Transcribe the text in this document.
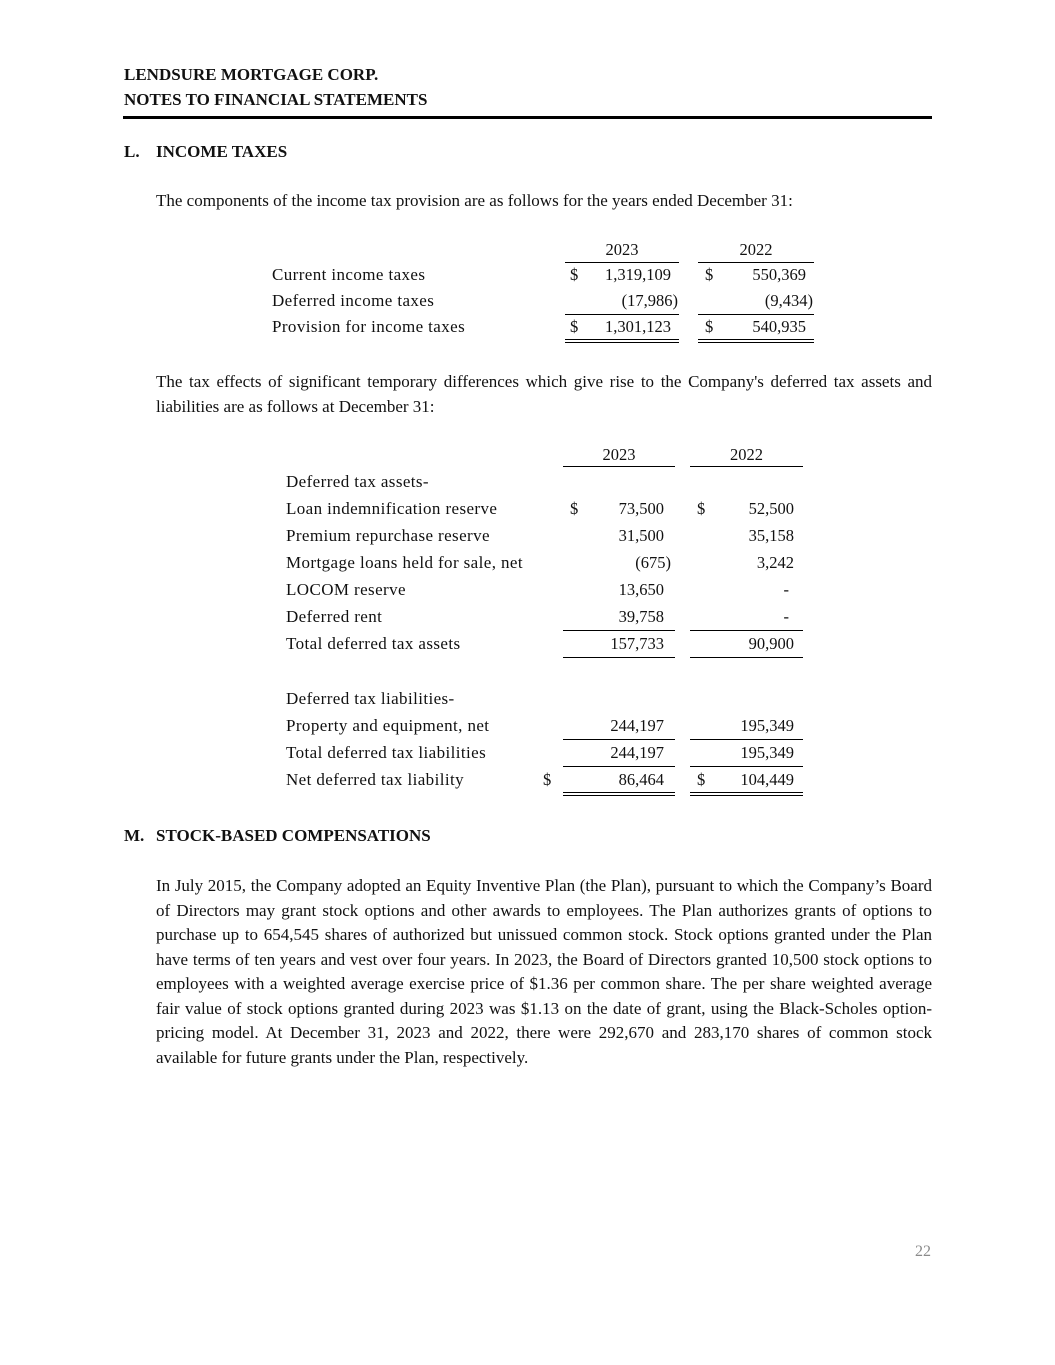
LENDSURE MORTGAGE CORP.
NOTES TO FINANCIAL STATEMENTS
L. INCOME TAXES
The components of the income tax provision are as follows for the years ended December 31:
2023	2022
Current income taxes	$	1,319,109 $	550,369
Deferred income taxes	(17,986)	(9,434)
Provision for income taxes	$	1,301,123 $	540,935
The tax effects of significant temporary differences which give rise to the Company's deferred tax assets and liabilities are as follows at December 31:
2023	2022
Deferred tax assets-
Loan indemnification reserve	$	73,500 $	52,500
Premium repurchase reserve	31,500	35,158
Mortgage loans held for sale, net	(675)	3,242
LOCOM reserve	13,650	-
Deferred rent	39,758	-
Total deferred tax assets	157,733	90,900
Deferred tax liabilities-
Property and equipment, net	244,197	195,349
Total deferred tax liabilities	244,197	195,349
Net deferred tax liability	$	86,464 $	104,449
M. STOCK-BASED COMPENSATIONS
In July 2015, the Company adopted an Equity Inventive Plan (the Plan), pursuant to which the Company’s Board of Directors may grant stock options and other awards to employees. The Plan authorizes grants of options to purchase up to 654,545 shares of authorized but unissued common stock. Stock options granted under the Plan have terms of ten years and vest over four years. In 2023, the Board of Directors granted 10,500 stock options to employees with a weighted average exercise price of $1.36 per common share. The per share weighted average fair value of stock options granted during 2023 was $1.13 on the date of grant, using the Black-Scholes option-pricing model. At December 31, 2023 and 2022, there were 292,670 and 283,170 shares of common stock available for future grants under the Plan, respectively.
22
